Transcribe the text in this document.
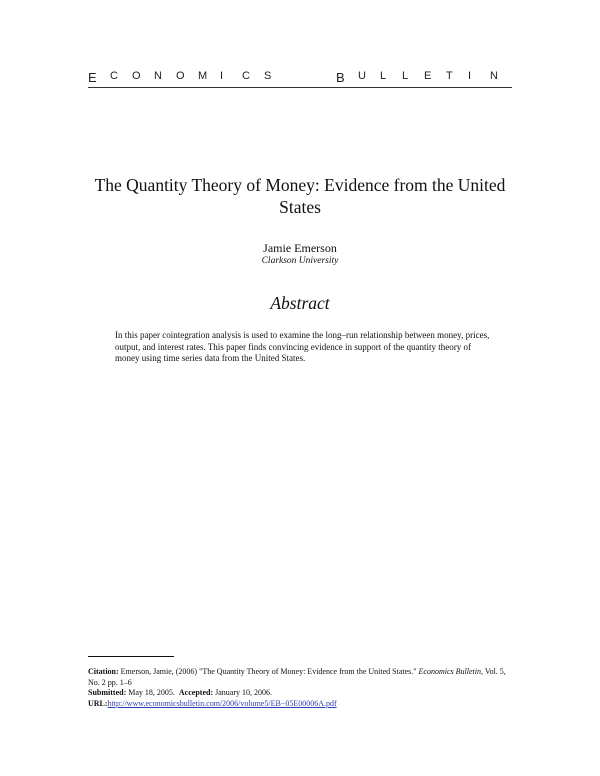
E	C	O	N	O	M	I	C	S	B	U	L	L	E	T	I	N
The Quantity Theory of Money: Evidence from the United States
Jamie Emerson
Clarkson University
Abstract
In this paper cointegration analysis is used to examine the long–run relationship between money, prices, output, and interest rates. This paper finds convincing evidence in support of the quantity theory of money using time series data from the United States.
Citation: Emerson, Jamie, (2006) "The Quantity Theory of Money: Evidence from the United States." Economics Bulletin, Vol. 5, No. 2 pp. 1–6
Submitted: May 18, 2005.  Accepted: January 10, 2006.
URL:http://www.economicsbulletin.com/2006/volume5/EB−05E00006A.pdf
